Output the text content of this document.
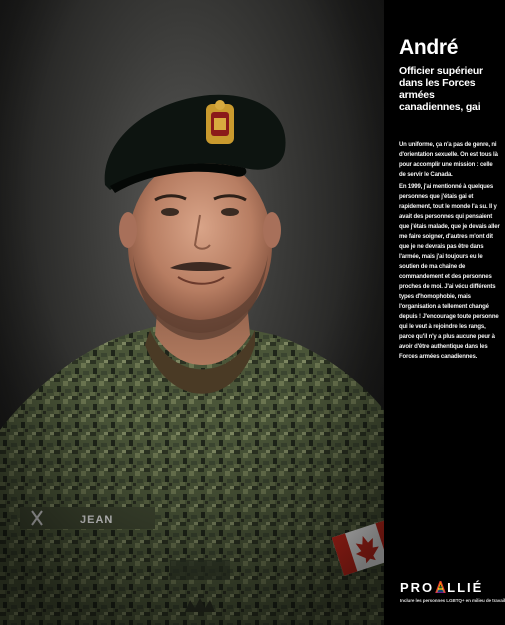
André

Officier supérieur dans les Forces armées canadiennes, gai

Un uniforme, ça n'a pas de genre, ni d'orientation sexuelle. On est tous là pour accomplir une mission : celle de servir le Canada.

En 1999, j'ai mentionné à quelques personnes que j'étais gai et rapidement, tout le monde l'a su. Il y avait des personnes qui pensaient que j'étais malade, que je devais aller me faire soigner, d'autres m'ont dit que je ne devrais pas être dans l'armée, mais j'ai toujours eu le soutien de ma chaîne de commandement et des personnes proches de moi. J'ai vécu différents types d'homophobie, mais l'organisation a tellement changé depuis ! J'encourage toute personne qui le veut à rejoindre les rangs, parce qu'il n'y a plus aucune peur à avoir d'être authentique dans les Forces armées canadiennes.

PRO LLIÉ
Inclure les personnes LGBTQ+ en milieu de travail
